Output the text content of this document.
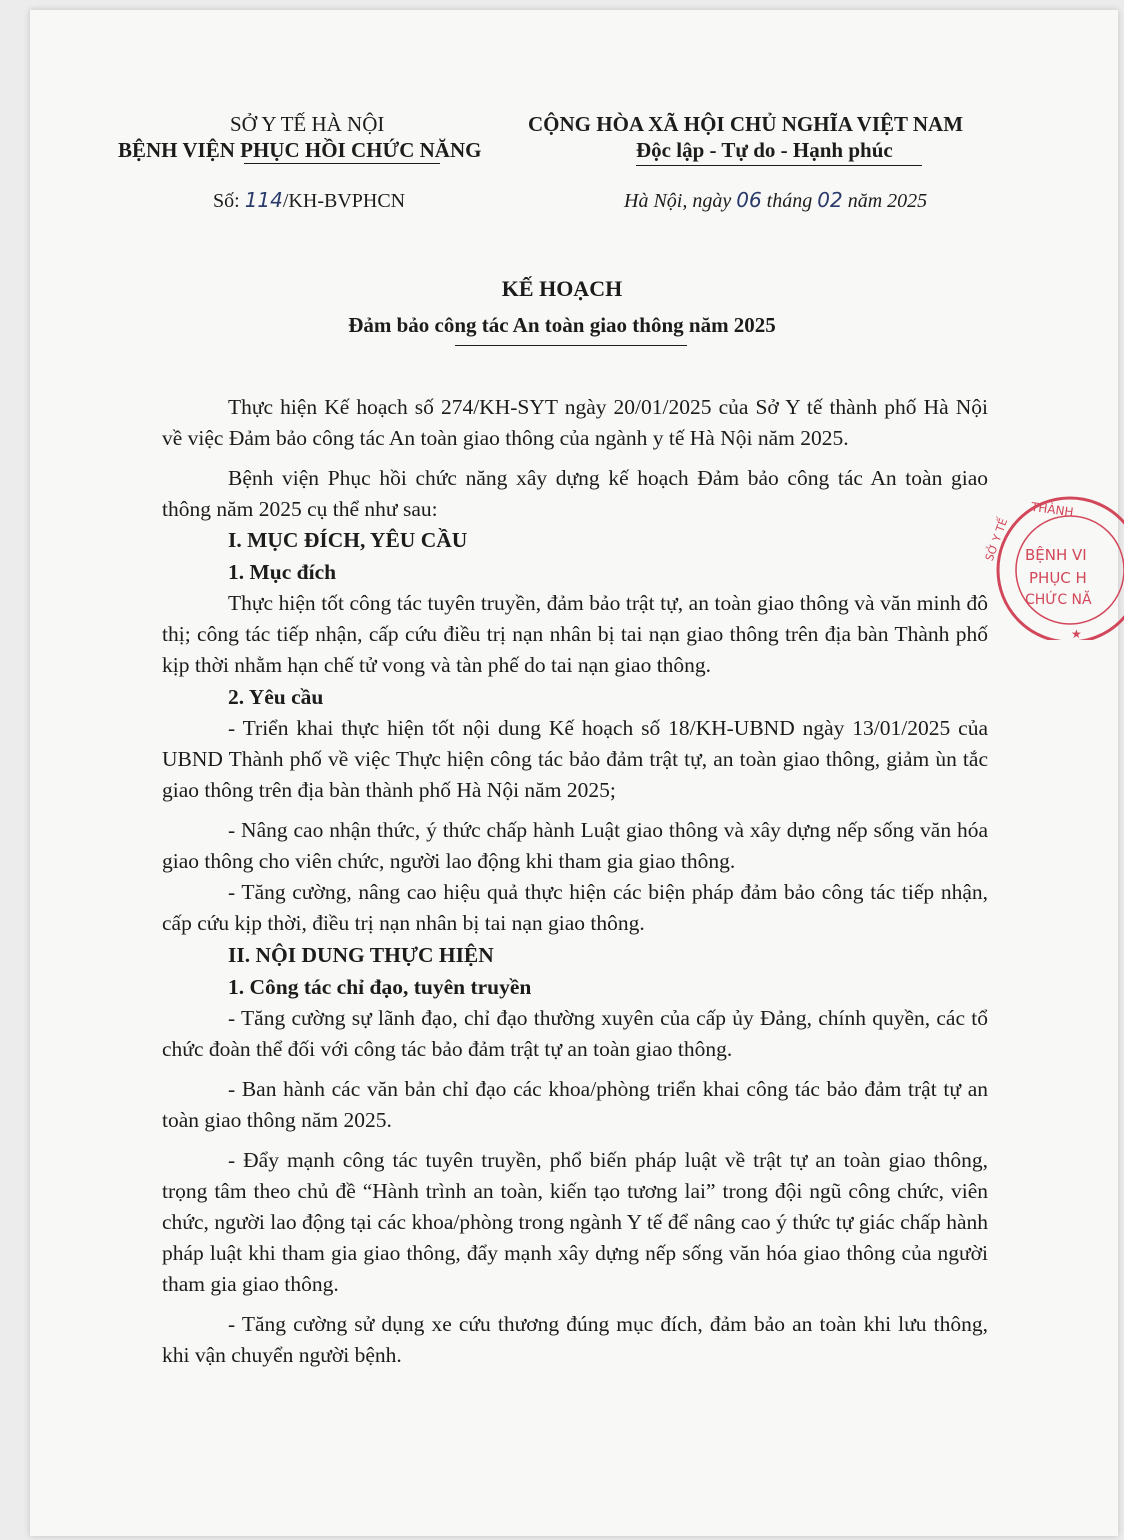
SỞ Y TẾ HÀ NỘI
BỆNH VIỆN PHỤC HỒI CHỨC NĂNG
Số: 114/KH-BVPHCN
CỘNG HÒA XÃ HỘI CHỦ NGHĨA VIỆT NAM
Độc lập - Tự do - Hạnh phúc
Hà Nội, ngày 06 tháng 02 năm 2025
KẾ HOẠCH
Đảm bảo công tác An toàn giao thông năm 2025

Thực hiện Kế hoạch số 274/KH-SYT ngày 20/01/2025 của Sở Y tế thành phố Hà Nội về việc Đảm bảo công tác An toàn giao thông của ngành y tế Hà Nội năm 2025.

Bệnh viện Phục hồi chức năng xây dựng kế hoạch Đảm bảo công tác An toàn giao thông năm 2025 cụ thể như sau:

I. MỤC ĐÍCH, YÊU CẦU
1. Mục đích

Thực hiện tốt công tác tuyên truyền, đảm bảo trật tự, an toàn giao thông và văn minh đô thị; công tác tiếp nhận, cấp cứu điều trị nạn nhân bị tai nạn giao thông trên địa bàn Thành phố kịp thời nhằm hạn chế tử vong và tàn phế do tai nạn giao thông.

2. Yêu cầu

- Triển khai thực hiện tốt nội dung Kế hoạch số 18/KH-UBND ngày 13/01/2025 của UBND Thành phố về việc Thực hiện công tác bảo đảm trật tự, an toàn giao thông, giảm ùn tắc giao thông trên địa bàn thành phố Hà Nội năm 2025;

- Nâng cao nhận thức, ý thức chấp hành Luật giao thông và xây dựng nếp sống văn hóa giao thông cho viên chức, người lao động khi tham gia giao thông.

- Tăng cường, nâng cao hiệu quả thực hiện các biện pháp đảm bảo công tác tiếp nhận, cấp cứu kịp thời, điều trị nạn nhân bị tai nạn giao thông.

II. NỘI DUNG THỰC HIỆN
1. Công tác chỉ đạo, tuyên truyền

- Tăng cường sự lãnh đạo, chỉ đạo thường xuyên của cấp ủy Đảng, chính quyền, các tổ chức đoàn thể đối với công tác bảo đảm trật tự an toàn giao thông.

- Ban hành các văn bản chỉ đạo các khoa/phòng triển khai công tác bảo đảm trật tự an toàn giao thông năm 2025.

- Đẩy mạnh công tác tuyên truyền, phổ biến pháp luật về trật tự an toàn giao thông, trọng tâm theo chủ đề “Hành trình an toàn, kiến tạo tương lai” trong đội ngũ công chức, viên chức, người lao động tại các khoa/phòng trong ngành Y tế để nâng cao ý thức tự giác chấp hành pháp luật khi tham gia giao thông, đẩy mạnh xây dựng nếp sống văn hóa giao thông của người tham gia giao thông.

- Tăng cường sử dụng xe cứu thương đúng mục đích, đảm bảo an toàn khi lưu thông, khi vận chuyển người bệnh.

THÀNH
SỞ Y TẾ BỆNH VI
PHỤC H
CHỨC NĂ
★
